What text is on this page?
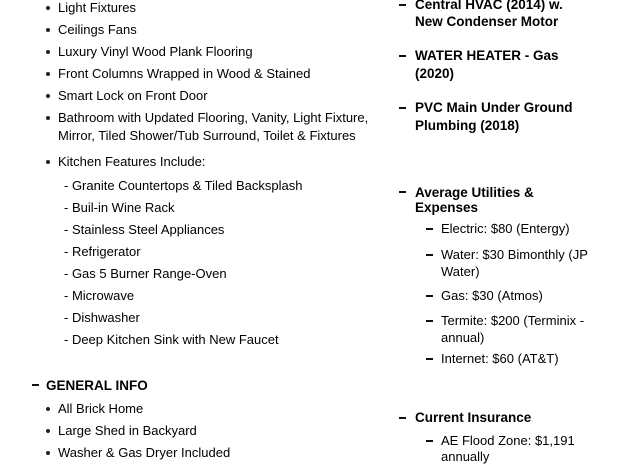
Light Fixtures
Ceilings Fans
Luxury Vinyl Wood Plank Flooring
Front Columns Wrapped in Wood & Stained
Smart Lock on Front Door
Bathroom with Updated Flooring, Vanity, Light Fixture,
Mirror, Tiled Shower/Tub Surround, Toilet & Fixtures
Kitchen Features Include:
- Granite Countertops & Tiled Backsplash
- Buil-in Wine Rack
- Stainless Steel Appliances
- Refrigerator
- Gas 5 Burner Range-Oven
- Microwave
- Dishwasher
- Deep Kitchen Sink with New Faucet
GENERAL INFO
All Brick Home
Large Shed in Backyard
Washer & Gas Dryer Included
Central HVAC (2014) w.
New Condenser Motor
WATER HEATER - Gas
(2020)
PVC Main Under Ground
Plumbing (2018)
Average Utilities &
Expenses
Electric: $80 (Entergy)
Water: $30 Bimonthly (JP
Water)
Gas: $30 (Atmos)
Termite: $200 (Terminix -
annual)
Internet: $60 (AT&T)
Current Insurance
AE Flood Zone: $1,191
annually
